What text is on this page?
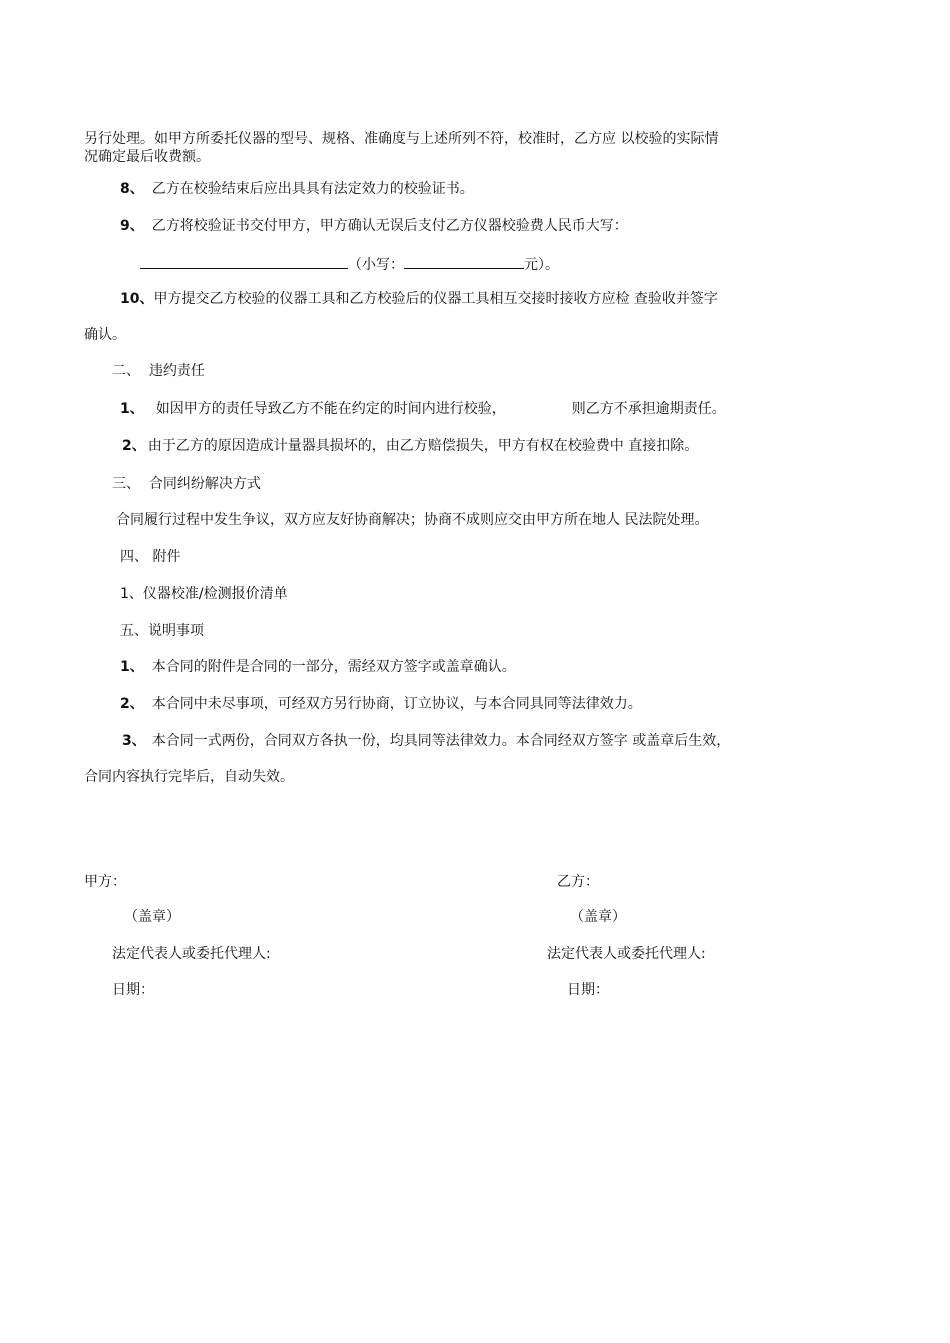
另行处理。如甲方所委托仪器的型号、规格、准确度与上述所列不符，校准时，乙方应 以校验的实际情
况确定最后收费额。
8、 乙方在校验结束后应出具具有法定效力的校验证书。
9、 乙方将校验证书交付甲方，甲方确认无误后支付乙方仪器校验费人民币大写：
（小写：	元）。
10、甲方提交乙方校验的仪器工具和乙方校验后的仪器工具相互交接时接收方应检 查验收并签字
确认。
二、  违约责任
1、 如因甲方的责任导致乙方不能在约定的时间内进行校验，	则乙方不承担逾期责任。
2、 由于乙方的原因造成计量器具损坏的，由乙方赔偿损失，甲方有权在校验费中 直接扣除。
三、  合同纠纷解决方式
合同履行过程中发生争议，双方应友好协商解决；协商不成则应交由甲方所在地人 民法院处理。
四、 附件
1、仪器校准/检测报价清单
五、说明事项
1、 本合同的附件是合同的一部分，需经双方签字或盖章确认。
2、 本合同中未尽事项，可经双方另行协商，订立协议，与本合同具同等法律效力。
3、 本合同一式两份，合同双方各执一份，均具同等法律效力。本合同经双方签字 或盖章后生效，
合同内容执行完毕后，自动失效。
甲方：	乙方：
（盖章）	（盖章）
法定代表人或委托代理人:	法定代表人或委托代理人:
日期：	日期：
